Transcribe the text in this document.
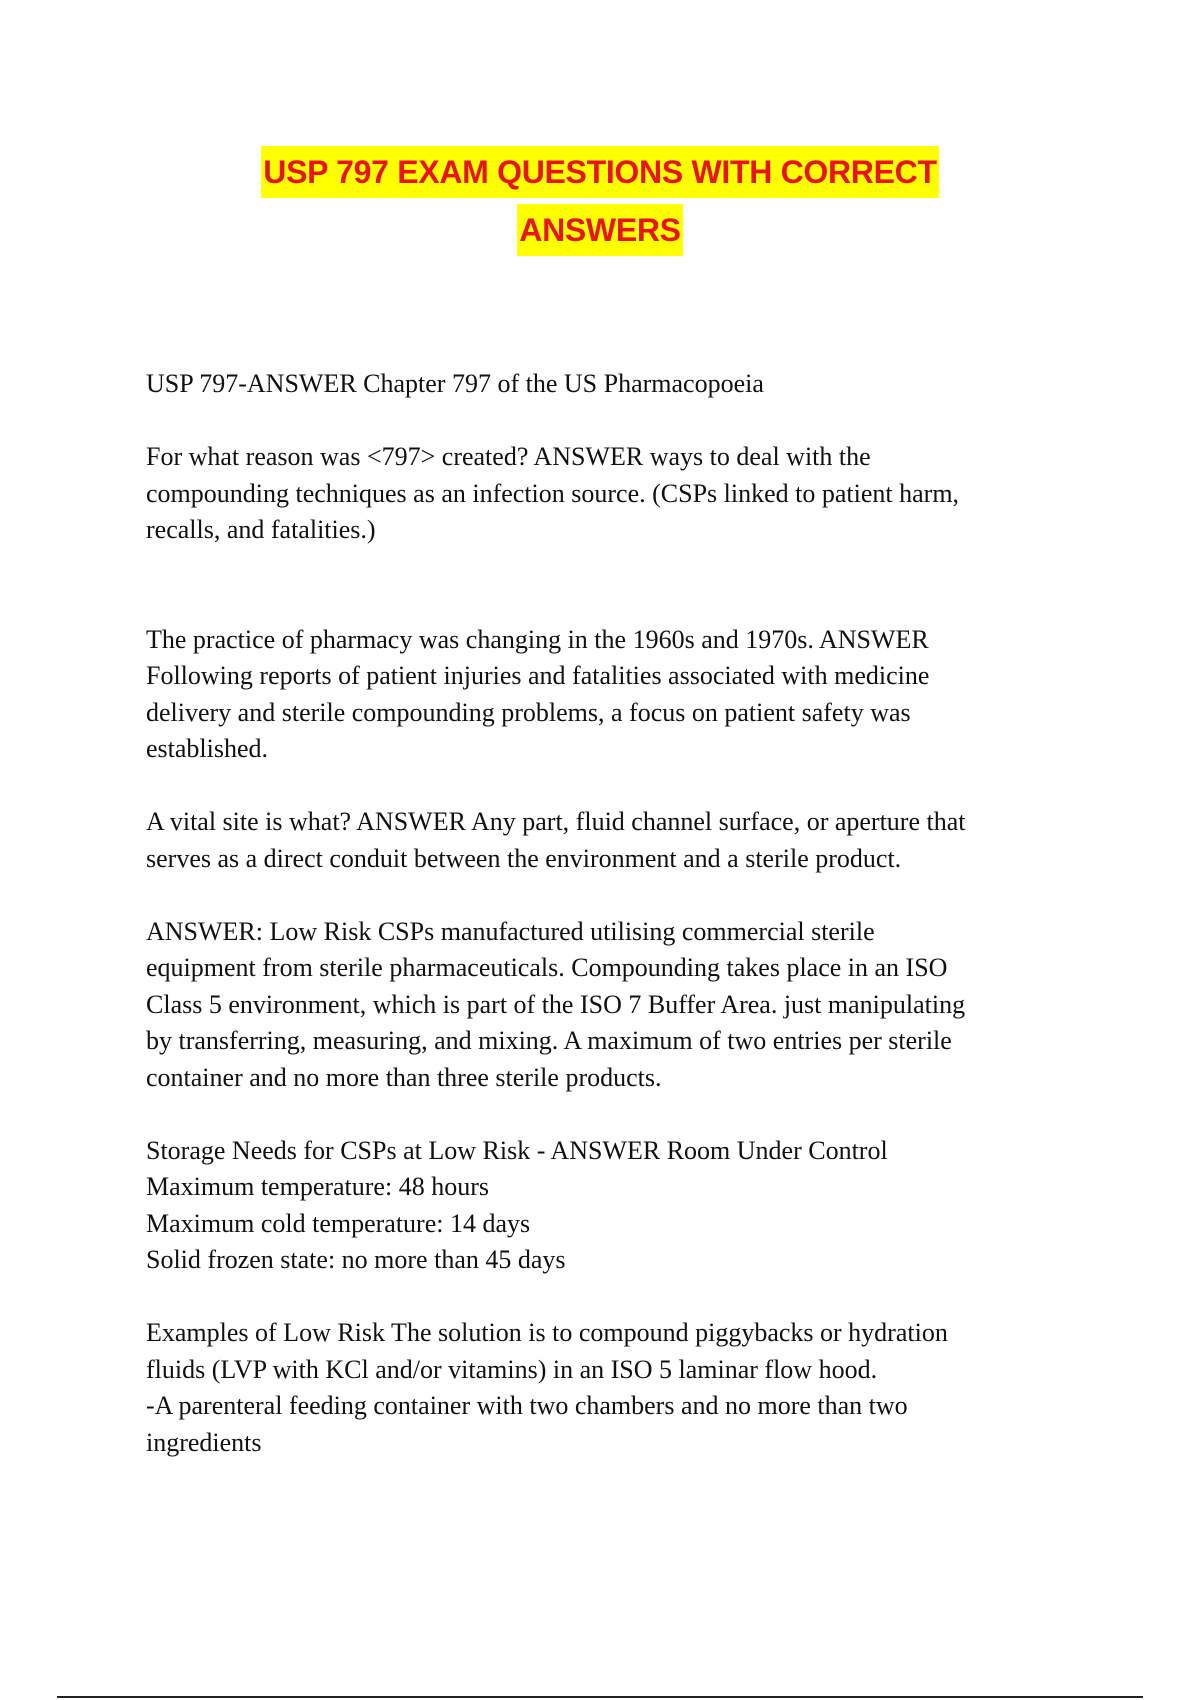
USP 797 EXAM QUESTIONS WITH CORRECT
ANSWERS

USP 797-ANSWER Chapter 797 of the US Pharmacopoeia

For what reason was <797> created? ANSWER ways to deal with the
compounding techniques as an infection source. (CSPs linked to patient harm,
recalls, and fatalities.)

The practice of pharmacy was changing in the 1960s and 1970s. ANSWER
Following reports of patient injuries and fatalities associated with medicine
delivery and sterile compounding problems, a focus on patient safety was
established.

A vital site is what? ANSWER Any part, fluid channel surface, or aperture that
serves as a direct conduit between the environment and a sterile product.

ANSWER: Low Risk CSPs manufactured utilising commercial sterile
equipment from sterile pharmaceuticals. Compounding takes place in an ISO
Class 5 environment, which is part of the ISO 7 Buffer Area. just manipulating
by transferring, measuring, and mixing. A maximum of two entries per sterile
container and no more than three sterile products.

Storage Needs for CSPs at Low Risk - ANSWER Room Under Control
Maximum temperature: 48 hours
Maximum cold temperature: 14 days
Solid frozen state: no more than 45 days

Examples of Low Risk The solution is to compound piggybacks or hydration
fluids (LVP with KCl and/or vitamins) in an ISO 5 laminar flow hood.
-A parenteral feeding container with two chambers and no more than two
ingredients
